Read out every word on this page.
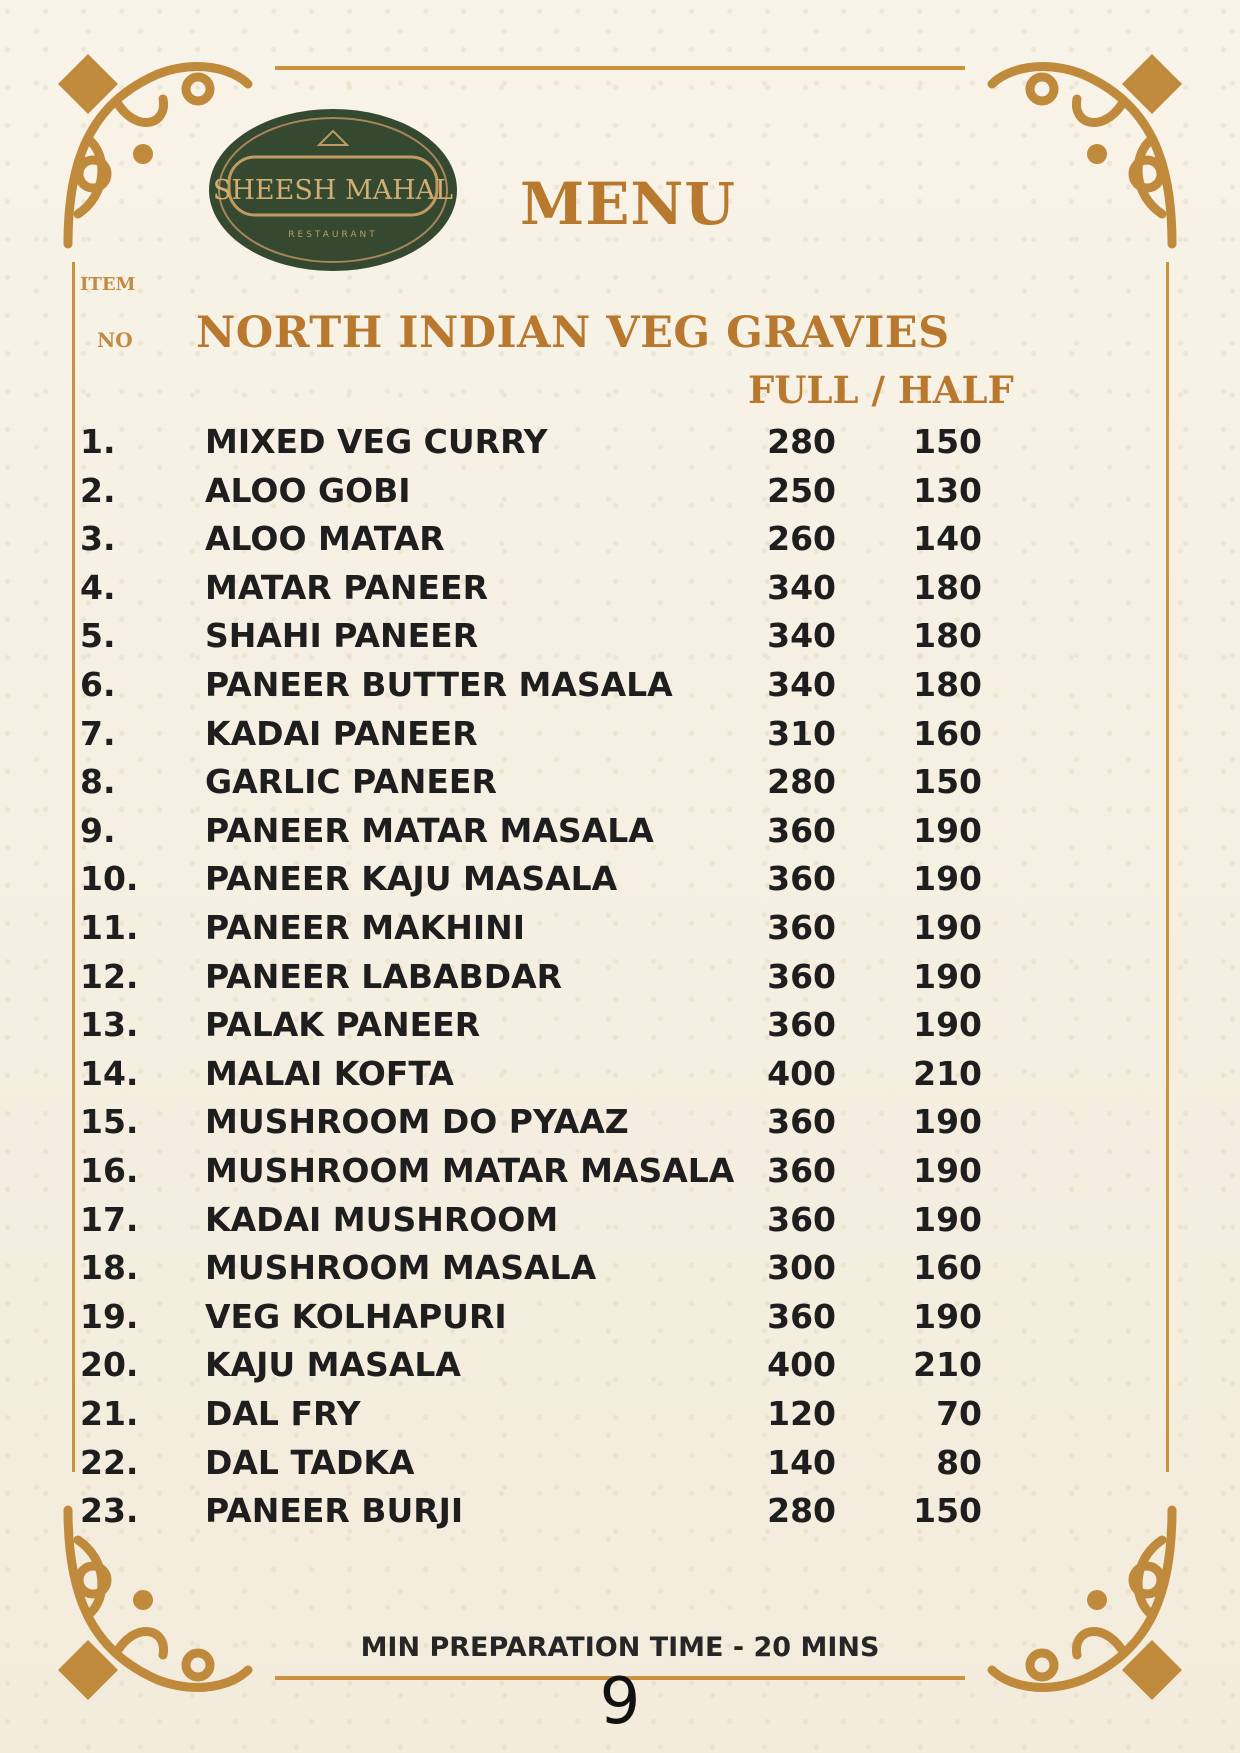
SHEESH MAHAL
RESTAURANT MENU
ITEM
NO NORTH INDIAN VEG GRAVIES
FULL / HALF
1.	MIXED VEG CURRY	280	150
2.	ALOO GOBI	250	130
3.	ALOO MATAR	260	140
4.	MATAR PANEER	340	180
5.	SHAHI PANEER	340	180
6.	PANEER BUTTER MASALA	340	180
7.	KADAI PANEER	310	160
8.	GARLIC PANEER	280	150
9.	PANEER MATAR MASALA	360	190
10.	PANEER KAJU MASALA	360	190
11.	PANEER MAKHINI	360	190
12.	PANEER LABABDAR	360	190
13.	PALAK PANEER	360	190
14.	MALAI KOFTA	400	210
15.	MUSHROOM DO PYAAZ	360	190
16.	MUSHROOM MATAR MASALA 360	190
17.	KADAI MUSHROOM	360	190
18.	MUSHROOM MASALA	300	160
19.	VEG KOLHAPURI	360	190
20.	KAJU MASALA	400	210
21.	DAL FRY	120	70
22.	DAL TADKA	140	80
23.	PANEER BURJI	280	150
MIN PREPARATION TIME - 20 MINS
9
